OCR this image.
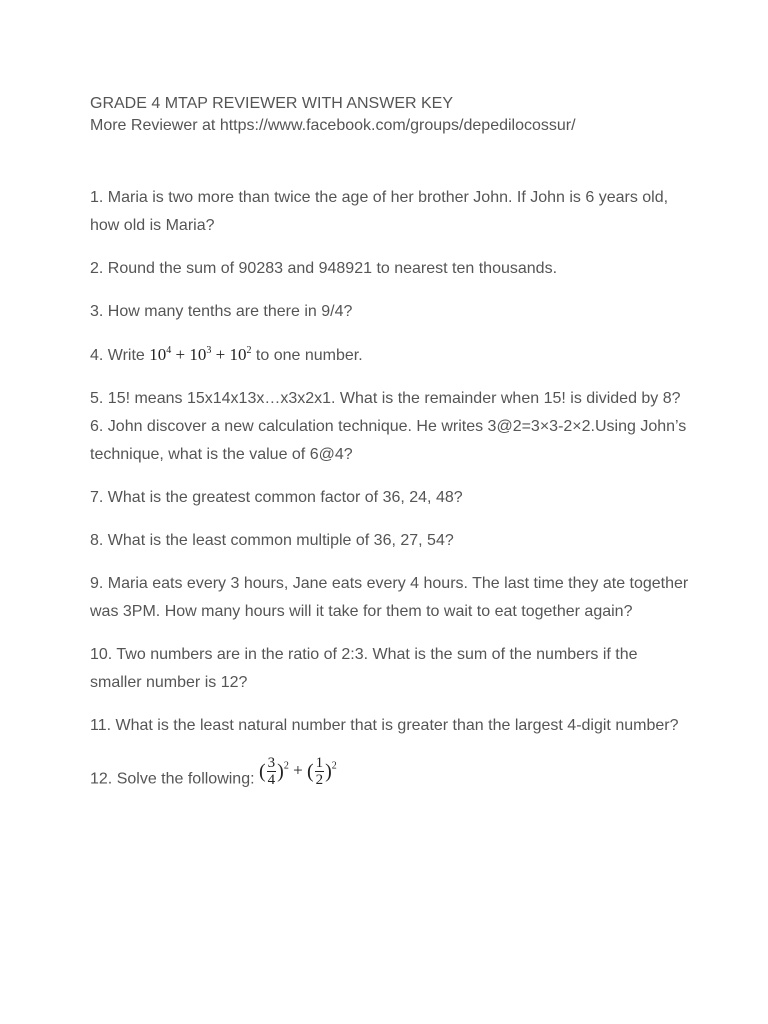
GRADE 4 MTAP REVIEWER WITH ANSWER KEY

More Reviewer at https://www.facebook.com/groups/depedilocossur/

1. Maria is two more than twice the age of her brother John. If John is 6 years old, how old is Maria?

2. Round the sum of 90283 and 948921 to nearest ten thousands.

3. How many tenths are there in 9/4?

4. Write $10^4 + 10^3 + 10^2$ to one number.

5. 15! means 15x14x13x…x3x2x1. What is the remainder when 15! is divided by 8?

6. John discover a new calculation technique. He writes 3@2=3×3-2×2.Using John’s technique, what is the value of 6@4?

7. What is the greatest common factor of 36, 24, 48?

8. What is the least common multiple of 36, 27, 54?

9. Maria eats every 3 hours, Jane eats every 4 hours. The last time they ate together was 3PM. How many hours will it take for them to wait to eat together again?

10. Two numbers are in the ratio of 2:3. What is the sum of the numbers if the smaller number is 12?

11. What is the least natural number that is greater than the largest 4-digit number?

12. Solve the following: ( $\frac{3}{4} )^2$ + ( $\frac{1}{2} )^2$
